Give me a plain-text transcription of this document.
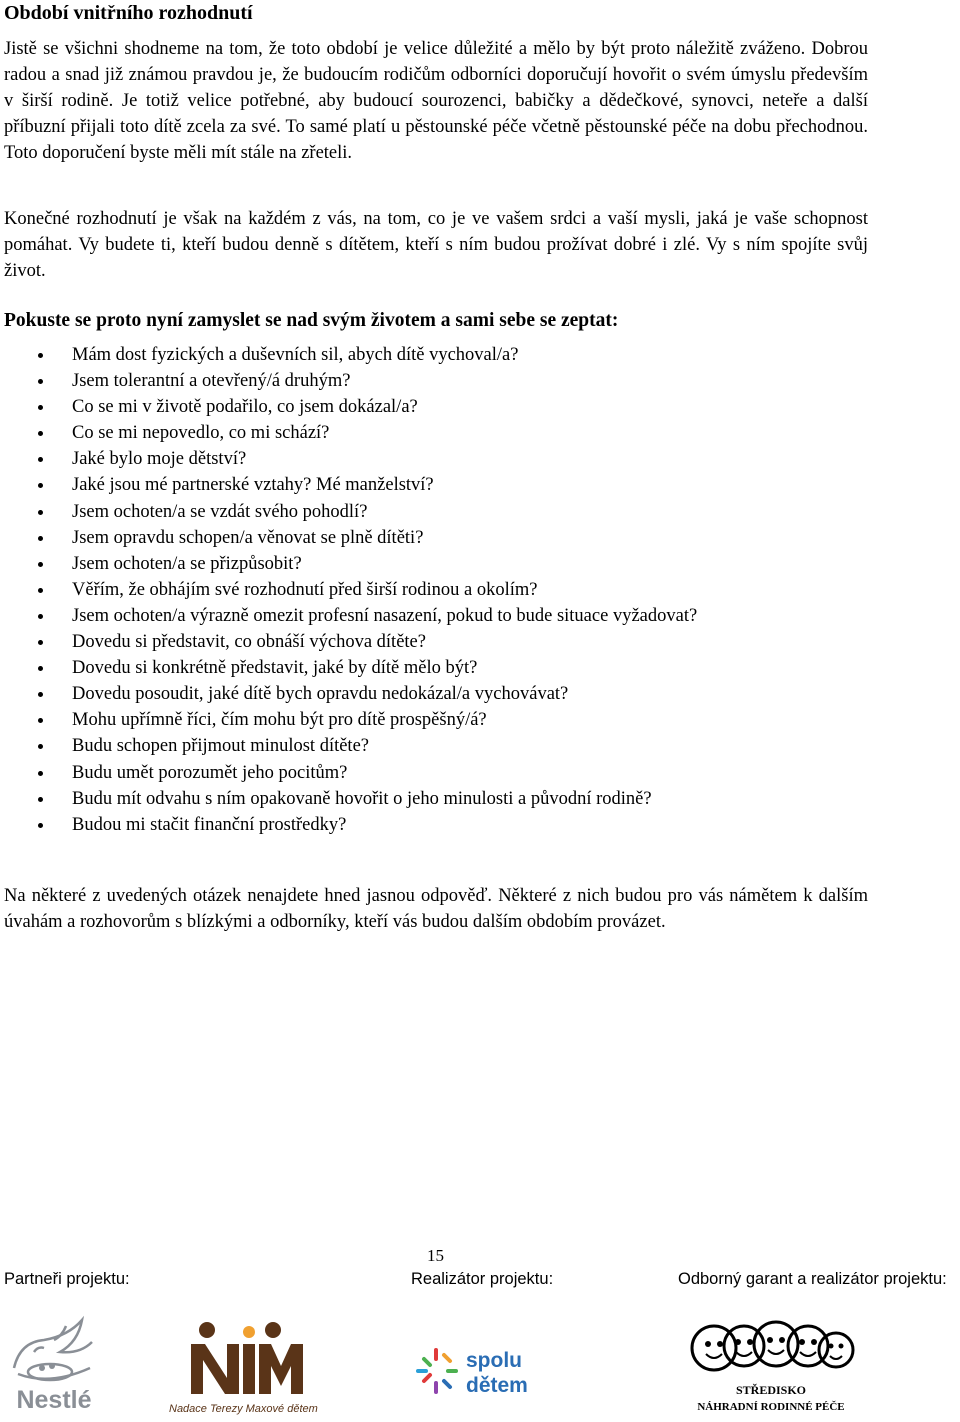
Období vnitřního rozhodnutí

Jistě se všichni shodneme na tom, že toto období je velice důležité a mělo by být proto náležitě zváženo. Dobrou radou a snad již známou pravdou je, že budoucím rodičům odborníci doporučují hovořit o svém úmyslu především v širší rodině. Je totiž velice potřebné, aby budoucí sourozenci, babičky a dědečkové, synovci, neteře a další příbuzní přijali toto dítě zcela za své. To samé platí u pěstounské péče včetně pěstounské péče na dobu přechodnou. Toto doporučení byste měli mít stále na zřeteli.

Konečné rozhodnutí je však na každém z vás, na tom, co je ve vašem srdci a vaší mysli, jaká je vaše schopnost pomáhat. Vy budete ti, kteří budou denně s dítětem, kteří s ním budou prožívat dobré i zlé. Vy s ním spojíte svůj život.

Pokuste se proto nyní zamyslet se nad svým životem a sami sebe se zeptat:

Mám dost fyzických a duševních sil, abych dítě vychoval/a?
Jsem tolerantní a otevřený/á druhým?
Co se mi v životě podařilo, co jsem dokázal/a?
Co se mi nepovedlo, co mi schází?
Jaké bylo moje dětství?
Jaké jsou mé partnerské vztahy? Mé manželství?
Jsem ochoten/a se vzdát svého pohodlí?
Jsem opravdu schopen/a věnovat se plně dítěti?
Jsem ochoten/a se přizpůsobit?
Věřím, že obhájím své rozhodnutí před širší rodinou a okolím?
Jsem ochoten/a výrazně omezit profesní nasazení, pokud to bude situace vyžadovat?
Dovedu si představit, co obnáší výchova dítěte?
Dovedu si konkrétně představit, jaké by dítě mělo být?
Dovedu posoudit, jaké dítě bych opravdu nedokázal/a vychovávat?
Mohu upřímně říci, čím mohu být pro dítě prospěšný/á?
Budu schopen přijmout minulost dítěte?
Budu umět porozumět jeho pocitům?
Budu mít odvahu s ním opakovaně hovořit o jeho minulosti a původní rodině?
Budou mi stačit finanční prostředky?

Na některé z uvedených otázek nenajdete hned jasnou odpověď. Některé z nich budou pro vás námětem k dalším úvahám a rozhovorům s blízkými a odborníky, kteří vás budou dalším obdobím provázet.

15
Partneři projektu:	Realizátor projektu:	Odborný garant a realizátor projektu:
Nestlé	Nadace Terezy Maxové dětem
spolu
dětem	STŘEDISKO
NÁHRADNÍ RODINNÉ PÉČE
